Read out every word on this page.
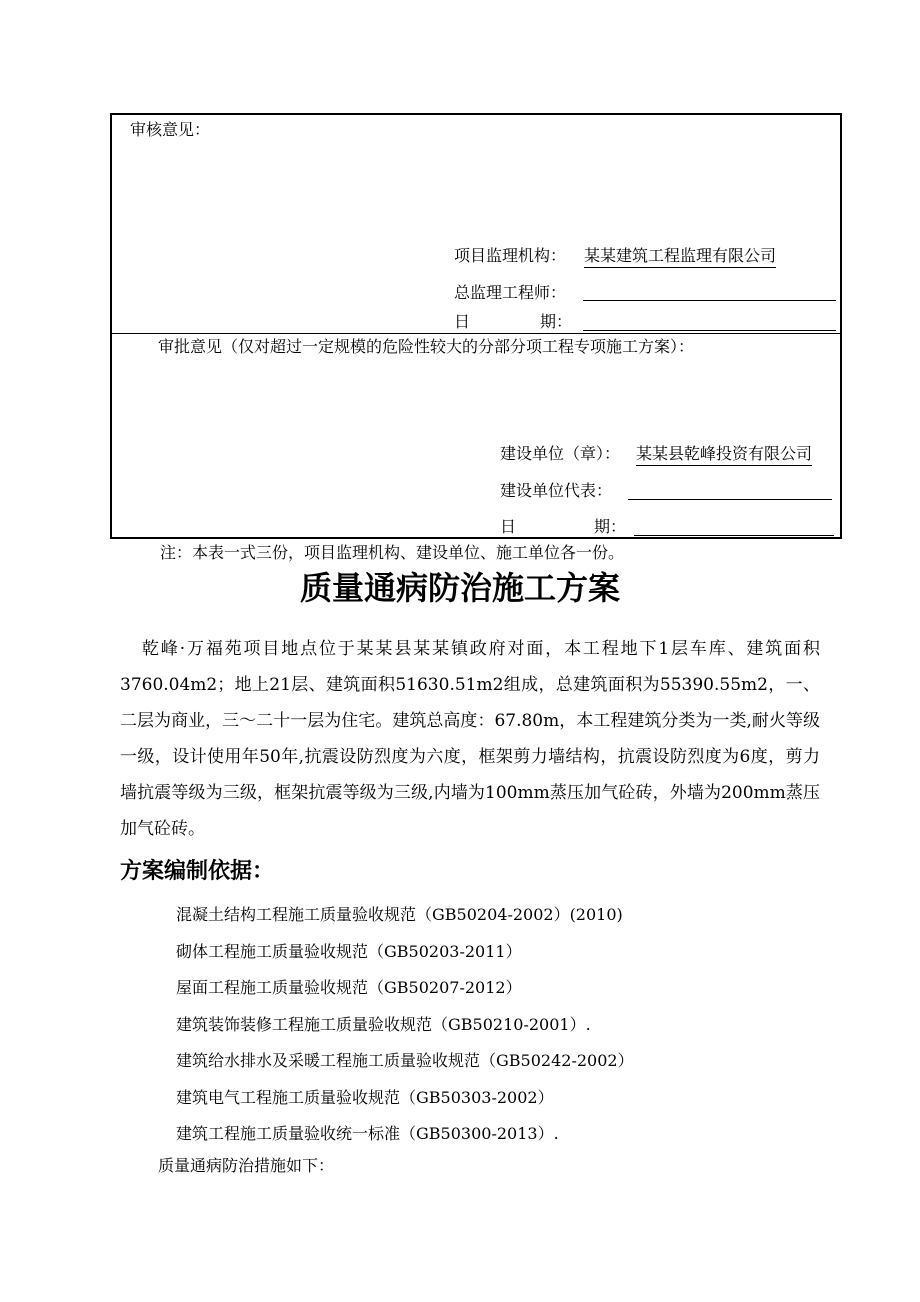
审核意见：
项目监理机构： 某某建筑工程监理有限公司
总监理工程师：
日	期：
审批意见（仅对超过一定规模的危险性较大的分部分项工程专项施工方案）：
建设单位（章）： 某某县乾峰投资有限公司
建设单位代表：
日	期：
注：本表一式三份，项目监理机构、建设单位、施工单位各一份。
质量通病防治施工方案

乾峰·万福苑项目地点位于某某县某某镇政府对面，本工程地下1层车库、建筑面积3760.04m2；地上21层、建筑面积51630.51m2组成，总建筑面积为55390.55m2，一、二层为商业，三～二十一层为住宅。建筑总高度：67.80m，本工程建筑分类为一类,耐火等级一级，设计使用年50年,抗震设防烈度为六度，框架剪力墙结构，抗震设防烈度为6度，剪力墙抗震等级为三级，框架抗震等级为三级,内墙为100mm蒸压加气砼砖，外墙为200mm蒸压加气砼砖。

方案编制依据：
混凝土结构工程施工质量验收规范（GB50204-2002）(2010)
砌体工程施工质量验收规范（GB50203-2011）
屋面工程施工质量验收规范（GB50207-2012）
建筑装饰装修工程施工质量验收规范（GB50210-2001）.
建筑给水排水及采暖工程施工质量验收规范（GB50242-2002）
建筑电气工程施工质量验收规范（GB50303-2002）
建筑工程施工质量验收统一标准（GB50300-2013）.
质量通病防治措施如下：
